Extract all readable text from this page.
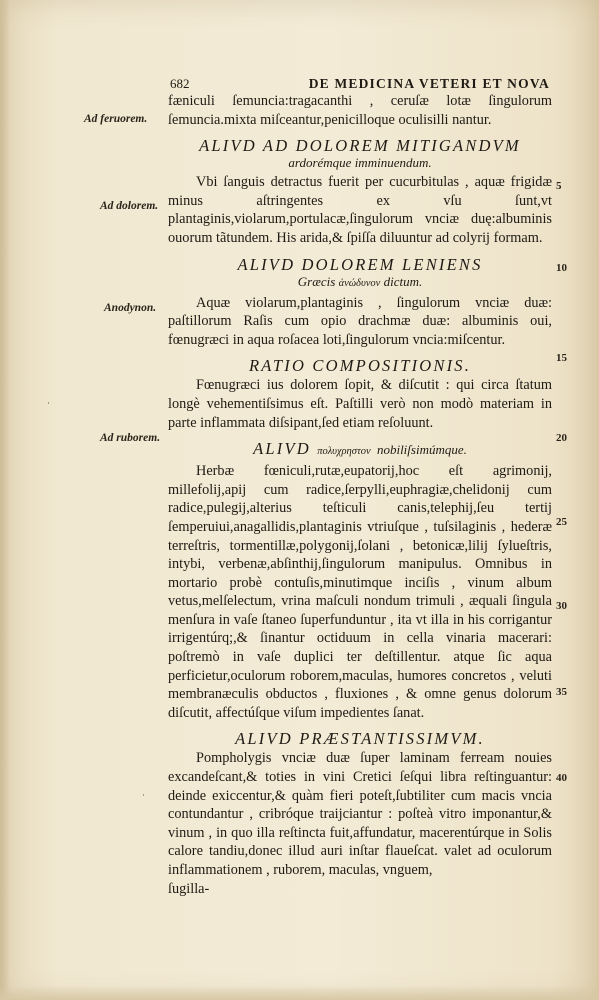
682	DE MEDICINA VETERI ET NOVA
Ad feruorem.
Ad dolorem.
Anodynon.
Ad ruborem.
5
10
15
20
25
30
35
40
·
·

fæniculi ſemuncia:tragacanthi , ceruſæ lotæ ſingulorum ſemuncia.mixta miſceantur,penicilloque oculisilli nantur.

ALIVD AD DOLOREM MITIGANDVM
ardorémque imminuendum.

Vbi ſanguis detractus fuerit per cucurbitulas , aquæ frigidæ minus aſtringentes ex vſu ſunt,vt plantaginis,violarum,portulacæ,ſingulorum vnciæ duę:albuminis ouorum tãtundem. His arida,& ſpiſſa diluuntur ad colyrij formam.

ALIVD DOLOREM LENIENS
Græcis ἀνώδυνον dictum.

Aquæ violarum,plantaginis , ſingulorum vnciæ duæ: paſtillorum Raſis cum opio drachmæ duæ: albuminis oui, fœnugræci in aqua roſacea loti,ſingulorum vncia:miſcentur.

RATIO COMPOSITIONIS.

Fœnugræci ius dolorem ſopit, & diſcutit : qui circa ſtatum longè vehementiſsimus eſt. Paſtilli verò non modò materiam in parte inflammata diſsipant,ſed etiam reſoluunt.

ALIVD πολυχρηστον nobiliſsimúmque.

Herbæ fœniculi,rutæ,eupatorij,hoc eſt agrimonij, millefolij,apij cum radice,ſerpylli,euphragiæ,chelidonij cum radice,pulegij,alterius teſticuli canis,telephij,ſeu tertij ſemperuiui,anagallidis,plantaginis vtriuſque , tuſsilaginis , hederæ terreſtris, tormentillæ,polygonij,ſolani , betonicæ,lilij ſylueſtris, intybi, verbenæ,abſinthij,ſingulorum manipulus. Omnibus in mortario probè contuſis,minutimque inciſis , vinum album vetus,melſelectum, vrina maſculi nondum trimuli , æquali ſingula menſura in vaſe ſtaneo ſuperfunduntur , ita vt illa in his corrigantur irrigentúrq;,& ſinantur octiduum in cella vinaria macerari: poſtremò in vaſe duplici ter deſtillentur. atque ſic aqua perficietur,oculorum roborem,maculas, humores concretos , veluti membranæculis obductos , fluxiones , & omne genus dolorum diſcutit, affectúſque viſum impedientes ſanat.

ALIVD PRÆSTANTISSIMVM.

Pompholygis vnciæ duæ ſuper laminam ferream nouies excandeſcant,& toties in vini Cretici ſeſqui libra reſtinguantur: deinde exiccentur,& quàm fieri poteſt,ſubtiliter cum macis vncia contundantur , cribróque traijciantur : poſteà vitro imponantur,& vinum , in quo illa reſtincta fuit,affundatur, macerentúrque in Solis calore tandiu,donec illud auri inſtar flaueſcat. valet ad oculorum inflammationem , ruborem, maculas, vnguem,

ſugilla-
